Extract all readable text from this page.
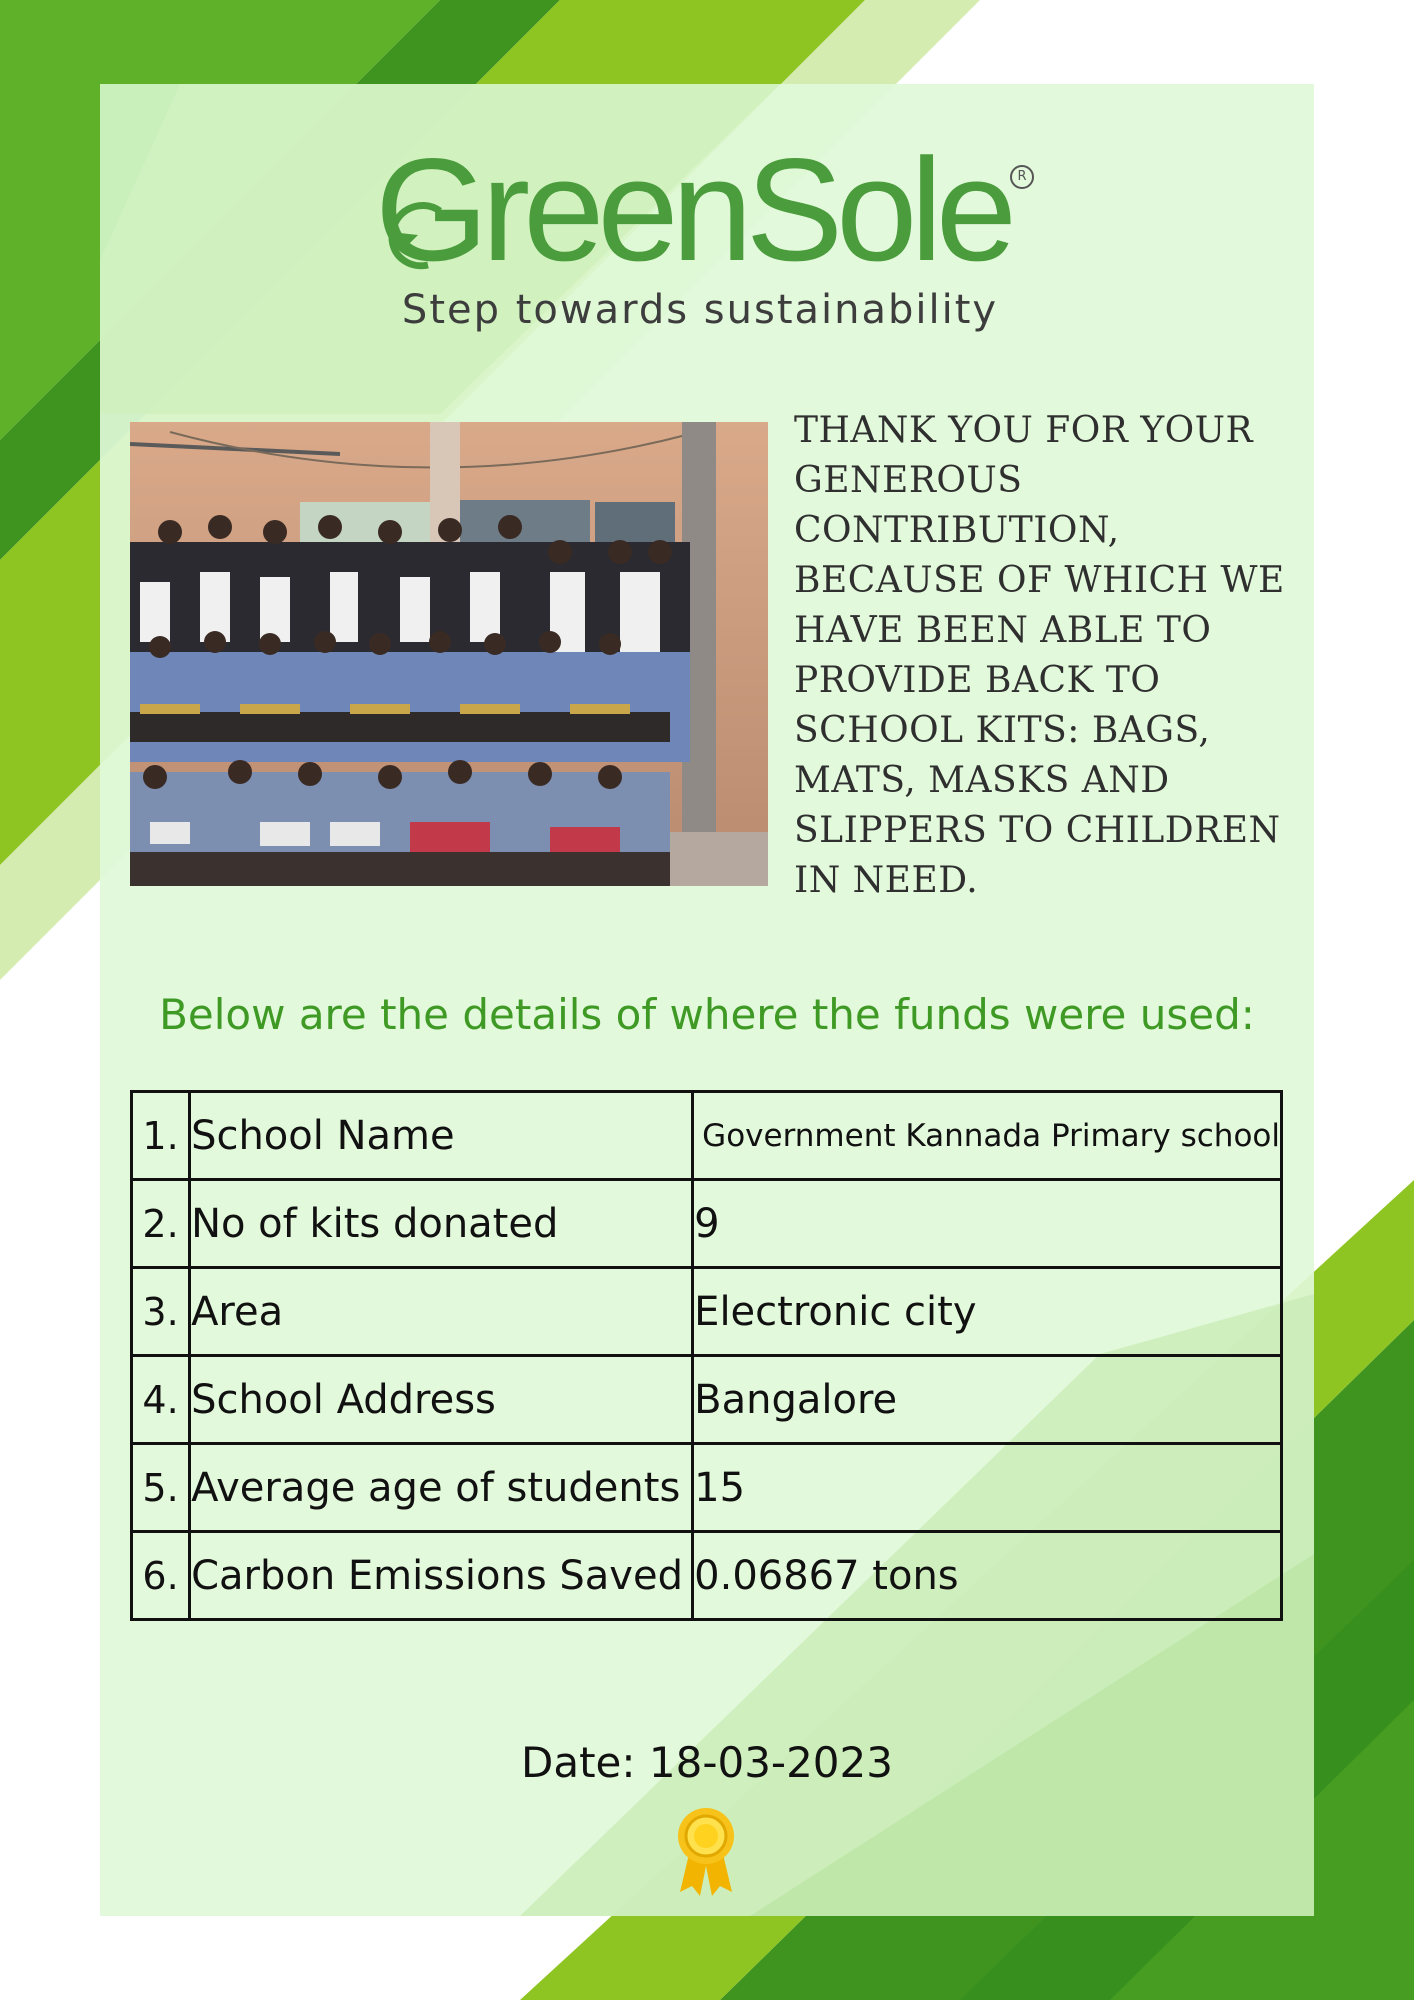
GreenSole R
Step towards sustainability
THANK YOU FOR YOUR GENEROUS CONTRIBUTION, BECAUSE OF WHICH WE HAVE BEEN ABLE TO PROVIDE BACK TO SCHOOL KITS: BAGS, MATS, MASKS AND SLIPPERS TO CHILDREN IN NEED.
Below are the details of where the funds were used:
1.	School Name	Government Kannada Primary school
2.	No of kits donated	9
3.	Area	Electronic city
4.	School Address	Bangalore
5.	Average age of students	15
6.	Carbon Emissions Saved	0.06867 tons
Date: 18-03-2023
